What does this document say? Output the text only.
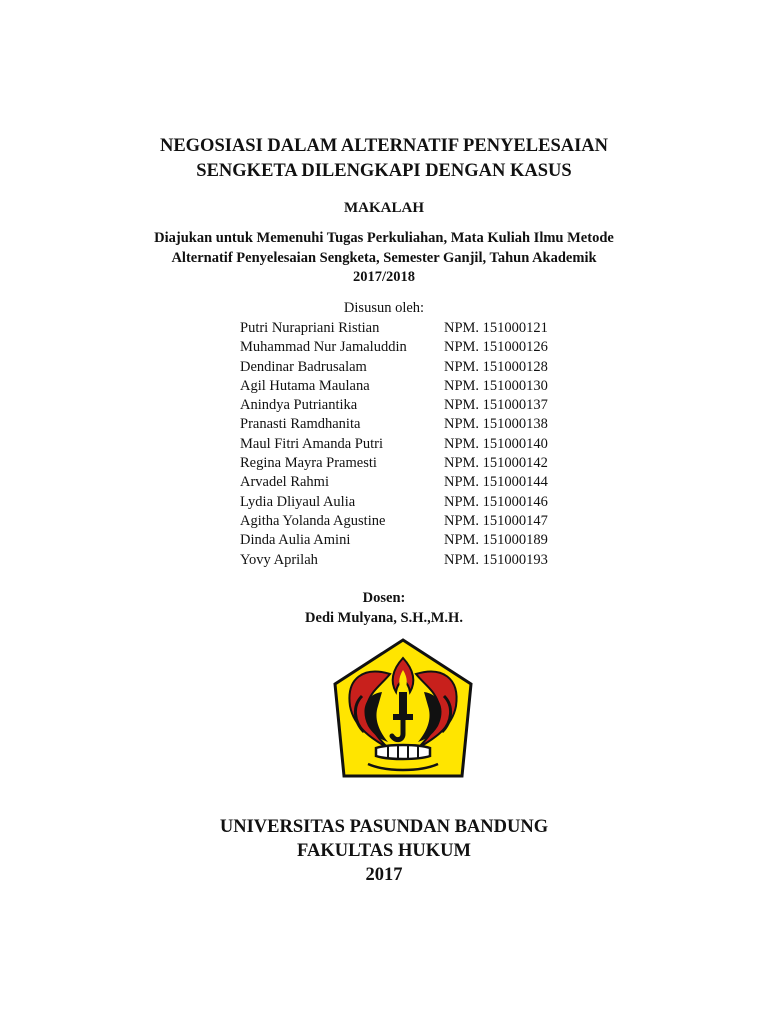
NEGOSIASI DALAM ALTERNATIF PENYELESAIAN
SENGKETA DILENGKAPI DENGAN KASUS
MAKALAH
Diajukan untuk Memenuhi Tugas Perkuliahan, Mata Kuliah Ilmu Metode
Alternatif Penyelesaian Sengketa, Semester Ganjil, Tahun Akademik
2017/2018
Disusun oleh:
Putri Nurapriani Ristian	NPM. 151000121
Muhammad Nur Jamaluddin	NPM. 151000126
Dendinar Badrusalam	NPM. 151000128
Agil Hutama Maulana	NPM. 151000130
Anindya Putriantika	NPM. 151000137
Pranasti Ramdhanita	NPM. 151000138
Maul Fitri Amanda Putri	NPM. 151000140
Regina Mayra Pramesti	NPM. 151000142
Arvadel Rahmi	NPM. 151000144
Lydia Dliyaul Aulia	NPM. 151000146
Agitha Yolanda Agustine	NPM. 151000147
Dinda Aulia Amini	NPM. 151000189
Yovy Aprilah	NPM. 151000193
Dosen:
Dedi Mulyana, S.H.,M.H.
UNIVERSITAS PASUNDAN BANDUNG
FAKULTAS HUKUM
2017
